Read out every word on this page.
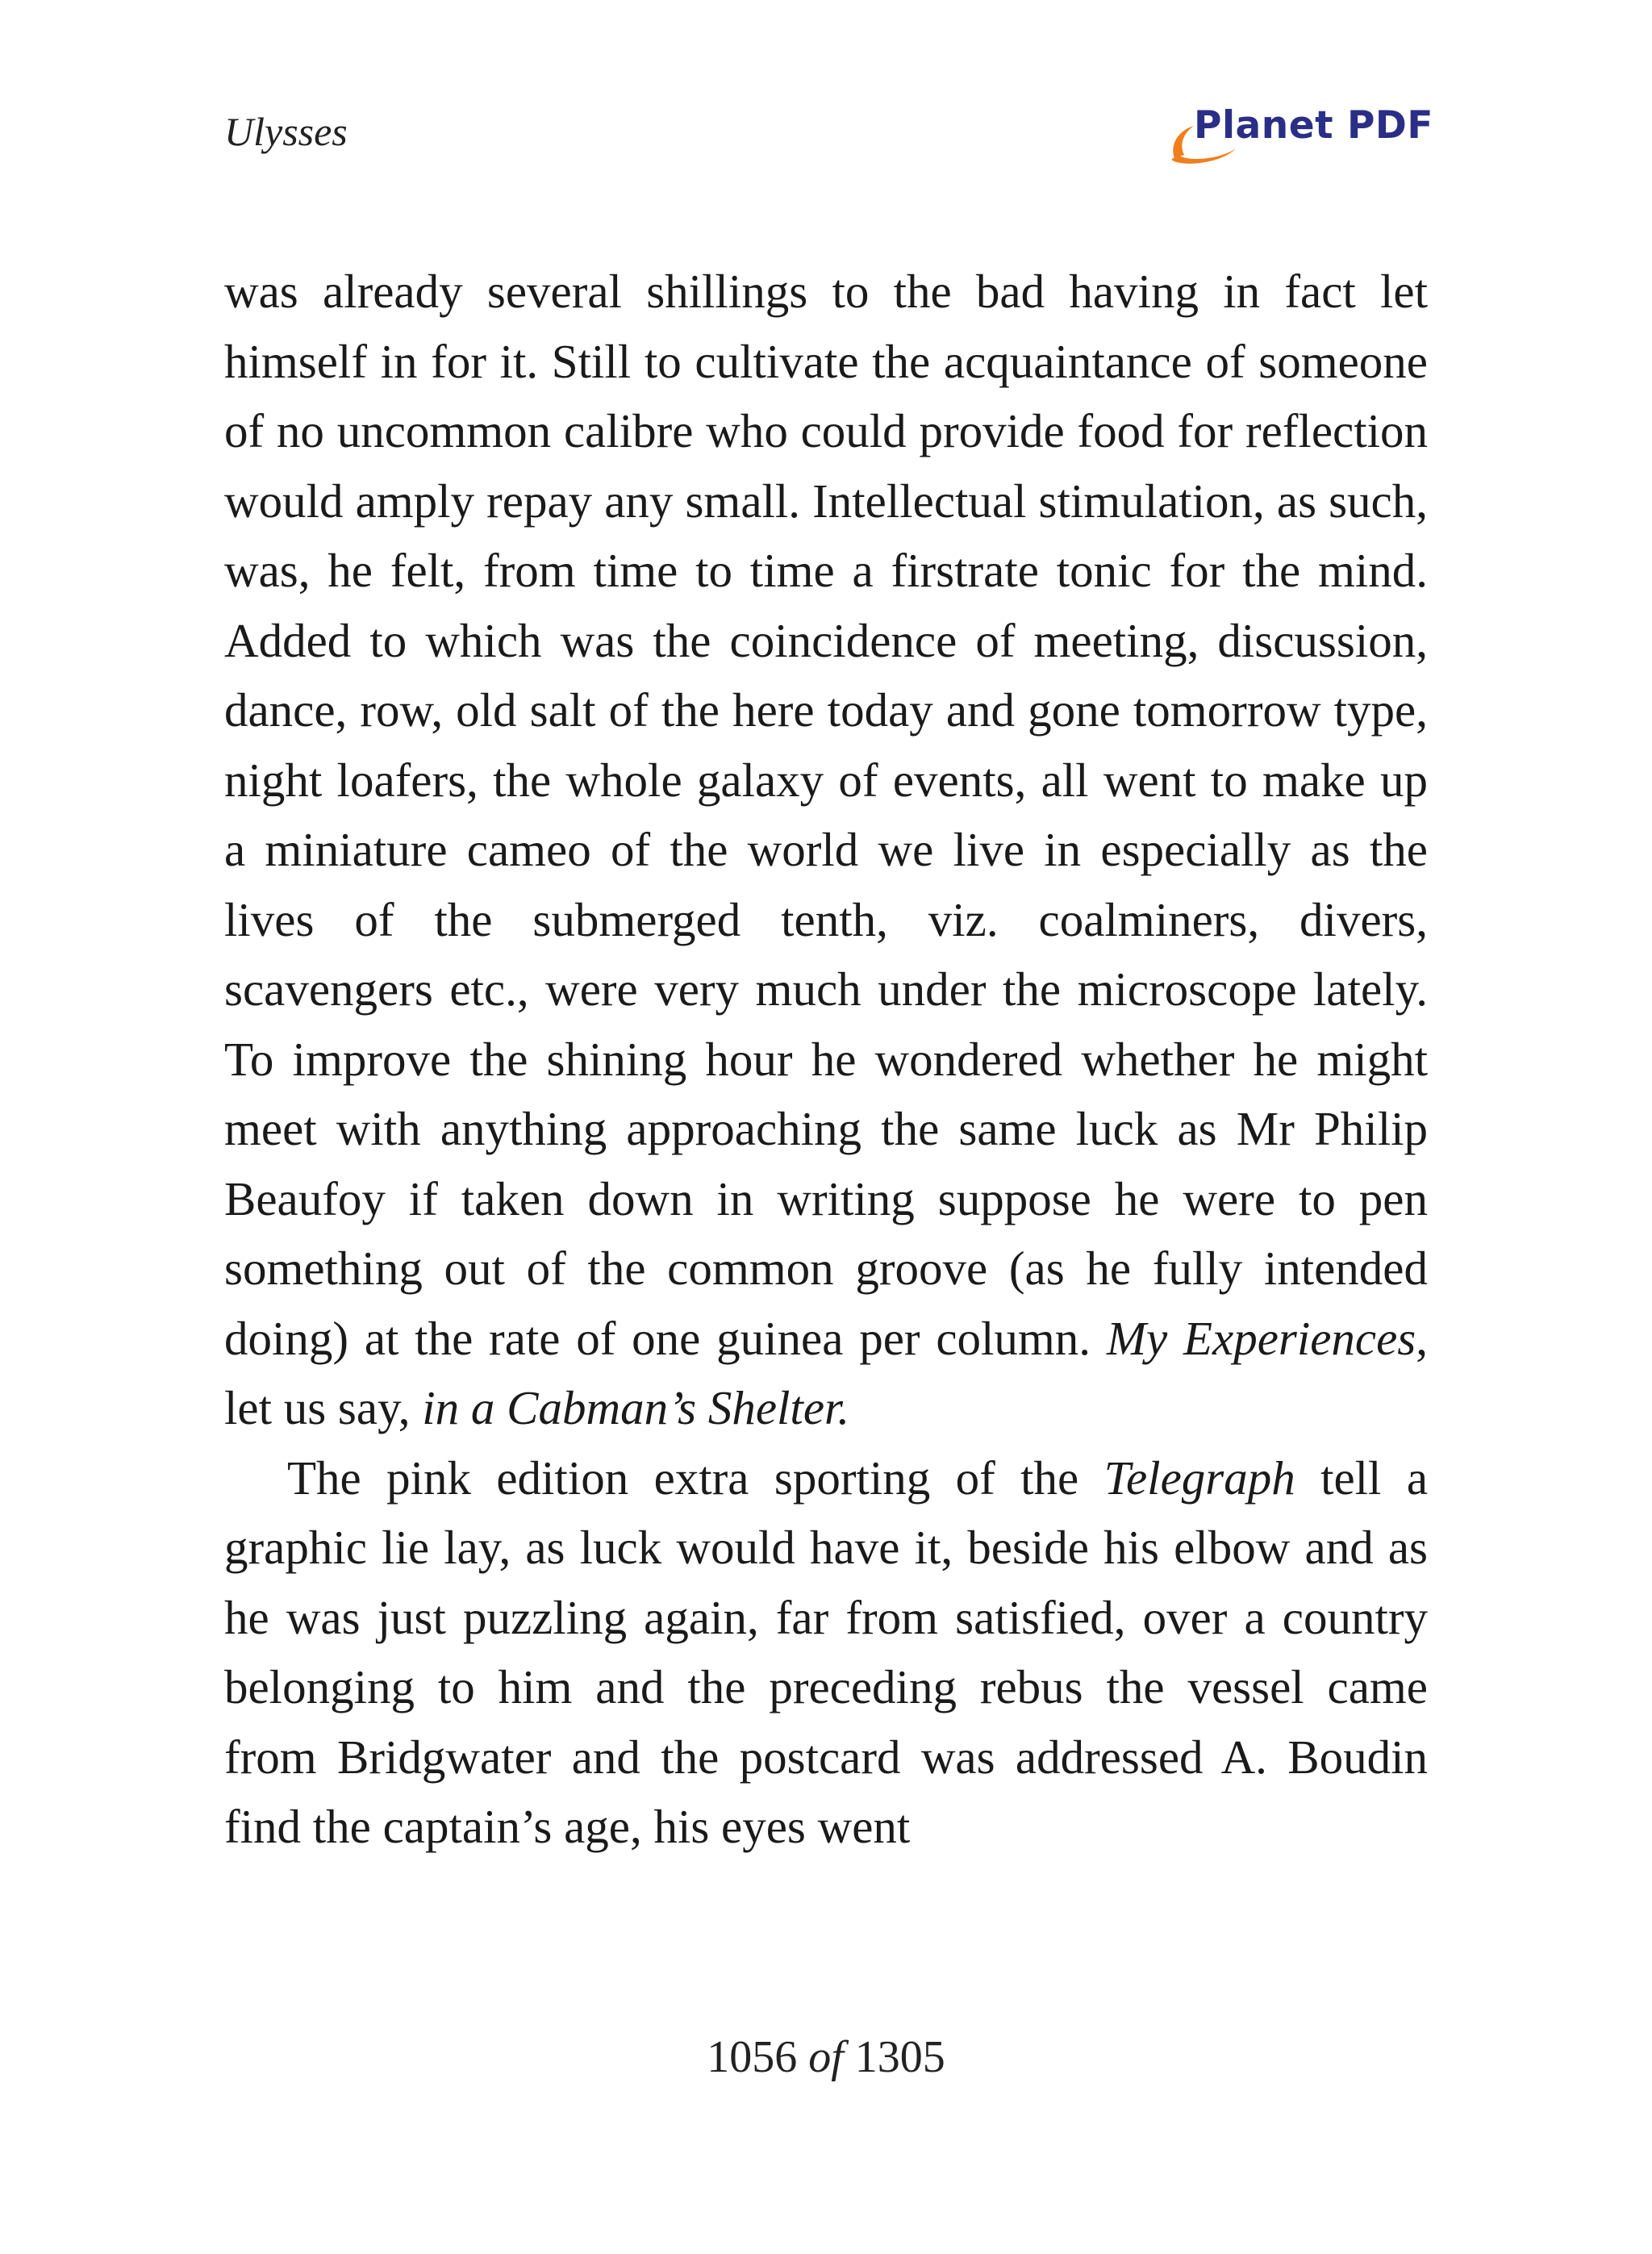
Ulysses	Planet PDF

was already several shillings to the bad having in fact let himself in for it. Still to cultivate the acquaintance of someone of no uncommon calibre who could provide food for reflection would amply repay any small. Intellectual stimulation, as such, was, he felt, from time to time a firstrate tonic for the mind. Added to which was the coincidence of meeting, discussion, dance, row, old salt of the here today and gone tomorrow type, night loafers, the whole galaxy of events, all went to make up a miniature cameo of the world we live in especially as the lives of the submerged tenth, viz. coalminers, divers, scavengers etc., were very much under the microscope lately. To improve the shining hour he wondered whether he might meet with anything approaching the same luck as Mr Philip Beaufoy if taken down in writing suppose he were to pen something out of the common groove (as he fully intended doing) at the rate of one guinea per column. My Experiences, let us say, in a Cabman’s Shelter.

The pink edition extra sporting of the Telegraph tell a graphic lie lay, as luck would have it, beside his elbow and as he was just puzzling again, far from satisfied, over a country belonging to him and the preceding rebus the vessel came from Bridgwater and the postcard was addressed A. Boudin find the captain’s age, his eyes went

1056 of 1305
